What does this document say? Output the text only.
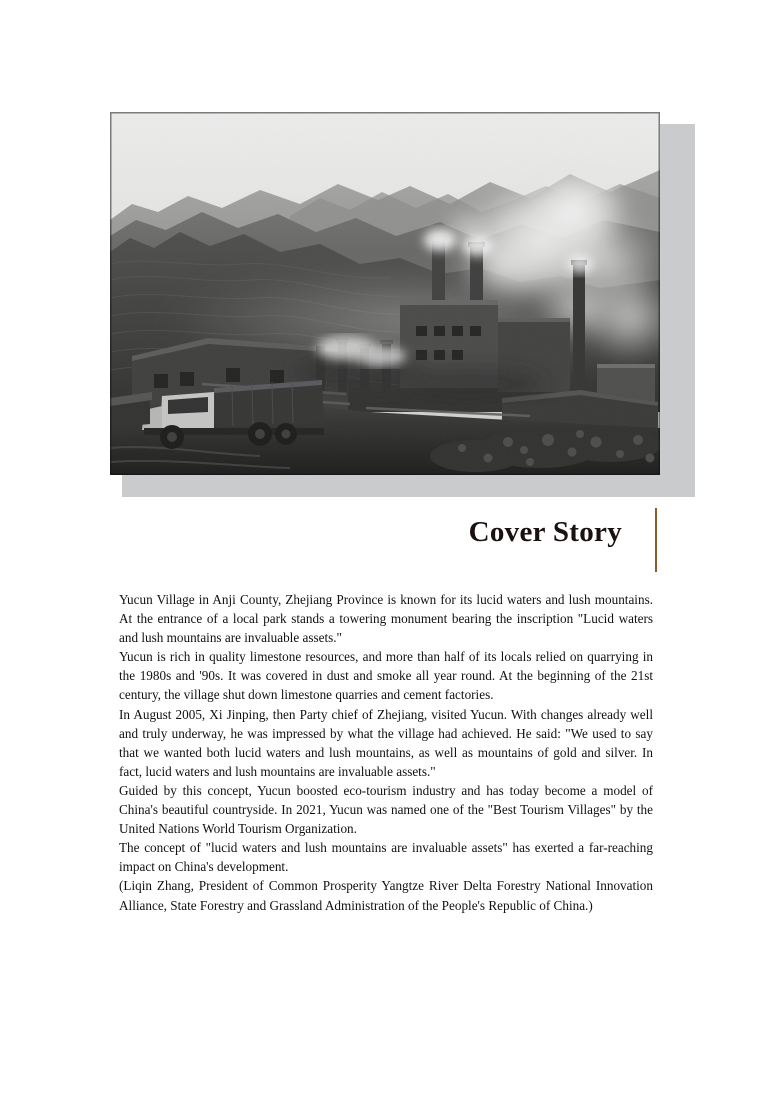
Cover Story

Yucun Village in Anji County, Zhejiang Province is known for its lucid waters and lush mountains. At the entrance of a local park stands a towering monument bearing the inscription "Lucid waters and lush mountains are invaluable assets."

Yucun is rich in quality limestone resources, and more than half of its locals relied on quarrying in the 1980s and '90s. It was covered in dust and smoke all year round. At the beginning of the 21st century, the village shut down limestone quarries and cement factories.

In August 2005, Xi Jinping, then Party chief of Zhejiang, visited Yucun. With changes already well and truly underway, he was impressed by what the village had achieved. He said: "We used to say that we wanted both lucid waters and lush mountains, as well as mountains of gold and silver. In fact, lucid waters and lush mountains are invaluable assets."

Guided by this concept, Yucun boosted eco-tourism industry and has today become a model of China's beautiful countryside. In 2021, Yucun was named one of the "Best Tourism Villages" by the United Nations World Tourism Organization.

The concept of "lucid waters and lush mountains are invaluable assets" has exerted a far-reaching impact on China's development.

(Liqin Zhang, President of Common Prosperity Yangtze River Delta Forestry National Innovation Alliance, State Forestry and Grassland Administration of the People's Republic of China.)
